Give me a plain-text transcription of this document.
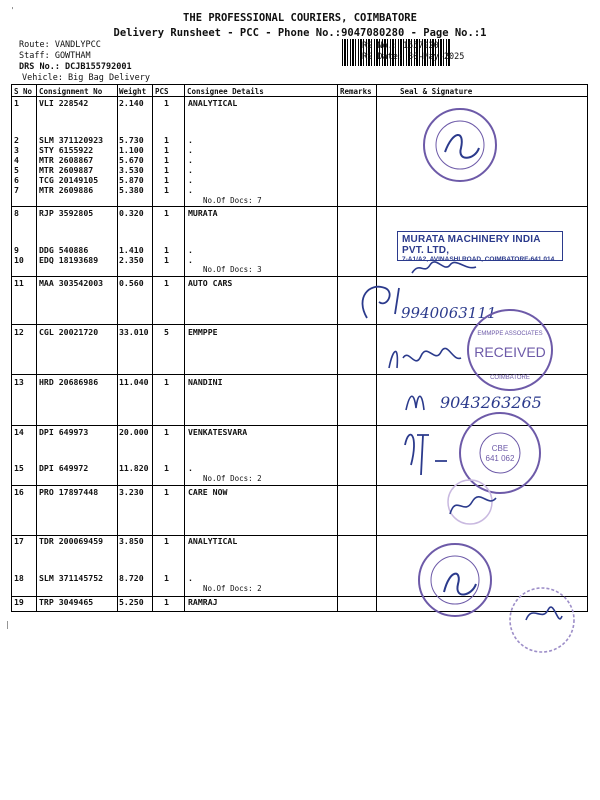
THE PROFESSIONAL COURIERS, COIMBATORE
Delivery Runsheet - PCC - Phone No.:9047080280 - Page No.:1
'
Route: VANDLYPCC
Staff: GOWTHAM
DRS No.: DCJB155792001
Vehicle: Big Bag Delivery
RS No.: 1557920
RS Date: 30-May-2025
S No Consignment No Weight PCS Consignee Details	Remarks	Seal & Signature
1 VLI 228542	2.140 1 ANALYTICAL
2 SLM 371120923 5.730 1 .
3 STY 6155922	1.100 1 .
4 MTR 2608867	5.670 1 .
5 MTR 2609887	3.530 1 .
6 TCG 20149105	5.870 1 .
7 MTR 2609886	5.380 1 .
No.Of Docs: 7
8 RJP 3592805	0.320 1 MURATA
9 DDG 540886	1.410 1 .
10 EDQ 18193689	2.350 1 .
No.Of Docs: 3
11 MAA 303542003 0.560 1 AUTO CARS
12 CGL 20021720	33.010 5 EMMPPE
13 HRD 20686986	11.040 1 NANDINI
14 DPI 649973	20.000 1 VENKATESVARA
15 DPI 649972	11.820 1 .
No.Of Docs: 2
16 PRO 17897448	3.230 1 CARE NOW
17 TDR 200069459 3.850 1 ANALYTICAL
18 SLM 371145752 8.720 1 .
No.Of Docs: 2
19 TRP 3049465	5.250 1 RAMRAJ
|
MURATA MACHINERY INDIA PVT. LTD,
7-A1/A2, AVINASHI ROAD, COIMBATORE-641 014
9940063111
RECEIVED
EMMPPE ASSOCIATES
COIMBATORE
9043263265
CBE
641 062
